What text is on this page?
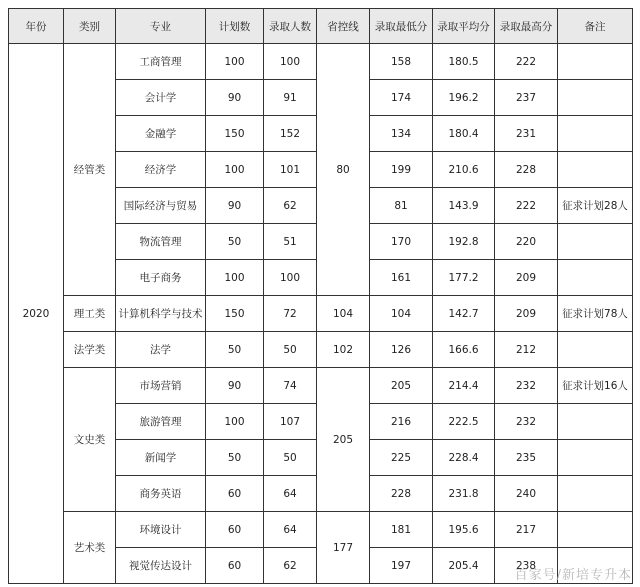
年份	类别	专业	计划数	录取人数	省控线	录取最低分	录取平均分	录取最高分	备注
2020	经管类	工商管理	100	100	80	158	180.5	222	
		会计学	90	91		174	196.2	237	
		金融学	150	152		134	180.4	231	
		经济学	100	101		199	210.6	228	
		国际经济与贸易	90	62		81	143.9	222	征求计划28人
		物流管理	50	51		170	192.8	220	
		电子商务	100	100		161	177.2	209	
	理工类	计算机科学与技术	150	72	104	104	142.7	209	征求计划78人
	法学类	法学	50	50	102	126	166.6	212	
	文史类	市场营销	90	74	205	205	214.4	232	征求计划16人
		旅游管理	100	107		216	222.5	232	
		新闻学	50	50		225	228.4	235	
		商务英语	60	64		228	231.8	240	
	艺术类	环境设计	60	64	177	181	195.6	217	
		视觉传达设计	60	62		197	205.4	238	
百家号/新培专升本
